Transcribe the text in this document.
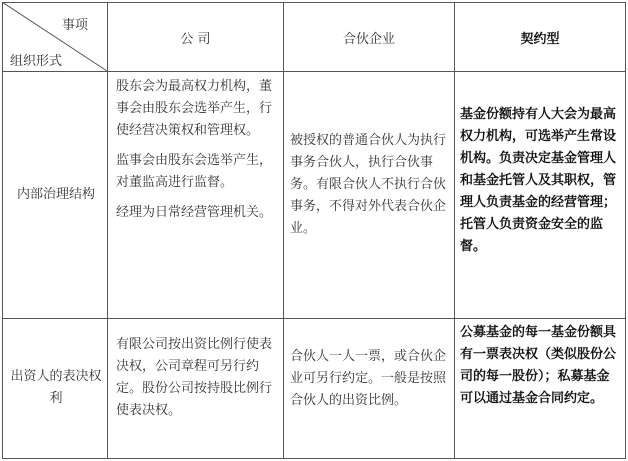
事项
组织形式
公 司	合伙企业	契约型
内部治理结构

股东会为最高权力机构，董事会由股东会选举产生，行使经营决策权和管理权。

监事会由股东会选举产生，对董监高进行监督。

经理为日常经营管理机关。

被授权的普通合伙人为执行事务合伙人，执行合伙事务。有限合伙人不执行合伙事务，不得对外代表合伙企业。
基金份额持有人大会为最高权力机构，可选举产生常设机构。负责决定基金管理人和基金托管人及其职权，管理人负责基金的经营管理；托管人负责资金安全的监督。
出资人的表决权利
有限公司按出资比例行使表决权，公司章程可另行约定。股份公司按持股比例行使表决权。
合伙人一人一票，或合伙企业可另行约定。一般是按照合伙人的出资比例。
公募基金的每一基金份额具有一票表决权（类似股份公司的每一股份）；私募基金可以通过基金合同约定。
